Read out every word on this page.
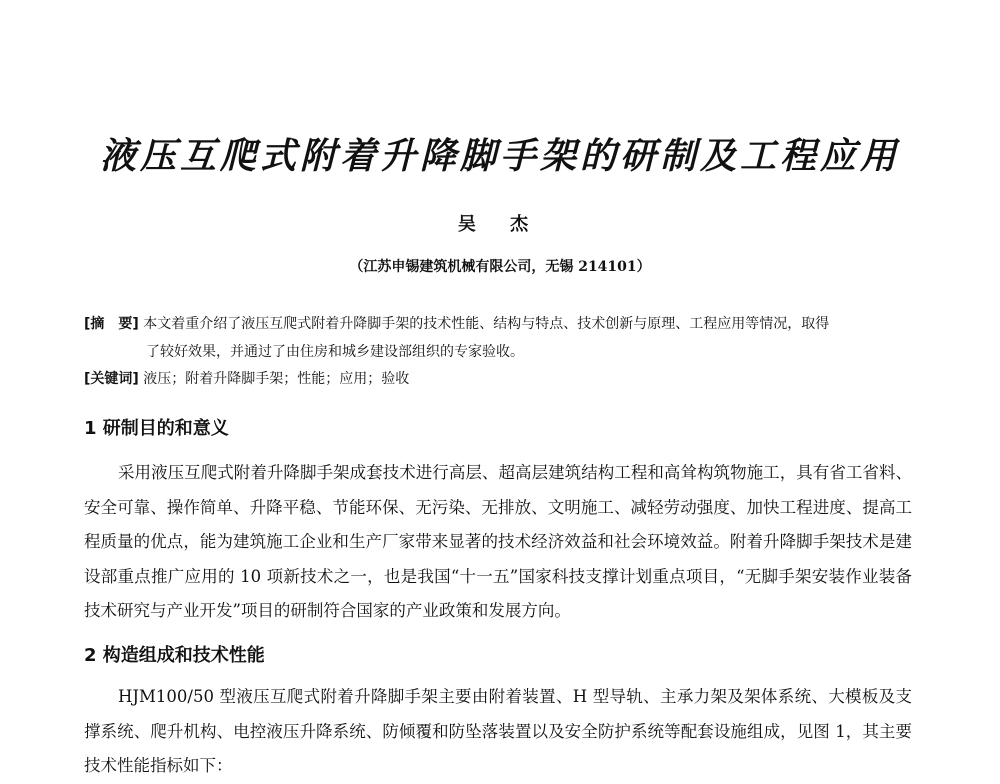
液压互爬式附着升降脚手架的研制及工程应用
吴 杰
（江苏申锡建筑机械有限公司，无锡 214101）
[摘　要] 本文着重介绍了液压互爬式附着升降脚手架的技术性能、结构与特点、技术创新与原理、工程应用等情况，取得
了较好效果，并通过了由住房和城乡建设部组织的专家验收。
[关键词] 液压；附着升降脚手架；性能；应用；验收
1 研制目的和意义
采用液压互爬式附着升降脚手架成套技术进行高层、超高层建筑结构工程和高耸构筑物施工，具有省工省料、安全可靠、操作简单、升降平稳、节能环保、无污染、无排放、文明施工、减轻劳动强度、加快工程进度、提高工程质量的优点，能为建筑施工企业和生产厂家带来显著的技术经济效益和社会环境效益。附着升降脚手架技术是建设部重点推广应用的 10 项新技术之一，也是我国“十一五”国家科技支撑计划重点项目，“无脚手架安装作业装备技术研究与产业开发”项目的研制符合国家的产业政策和发展方向。
2 构造组成和技术性能
HJM100/50 型液压互爬式附着升降脚手架主要由附着装置、H 型导轨、主承力架及架体系统、大模板及支撑系统、爬升机构、电控液压升降系统、防倾覆和防坠落装置以及安全防护系统等配套设施组成，见图 1，其主要技术性能指标如下：
